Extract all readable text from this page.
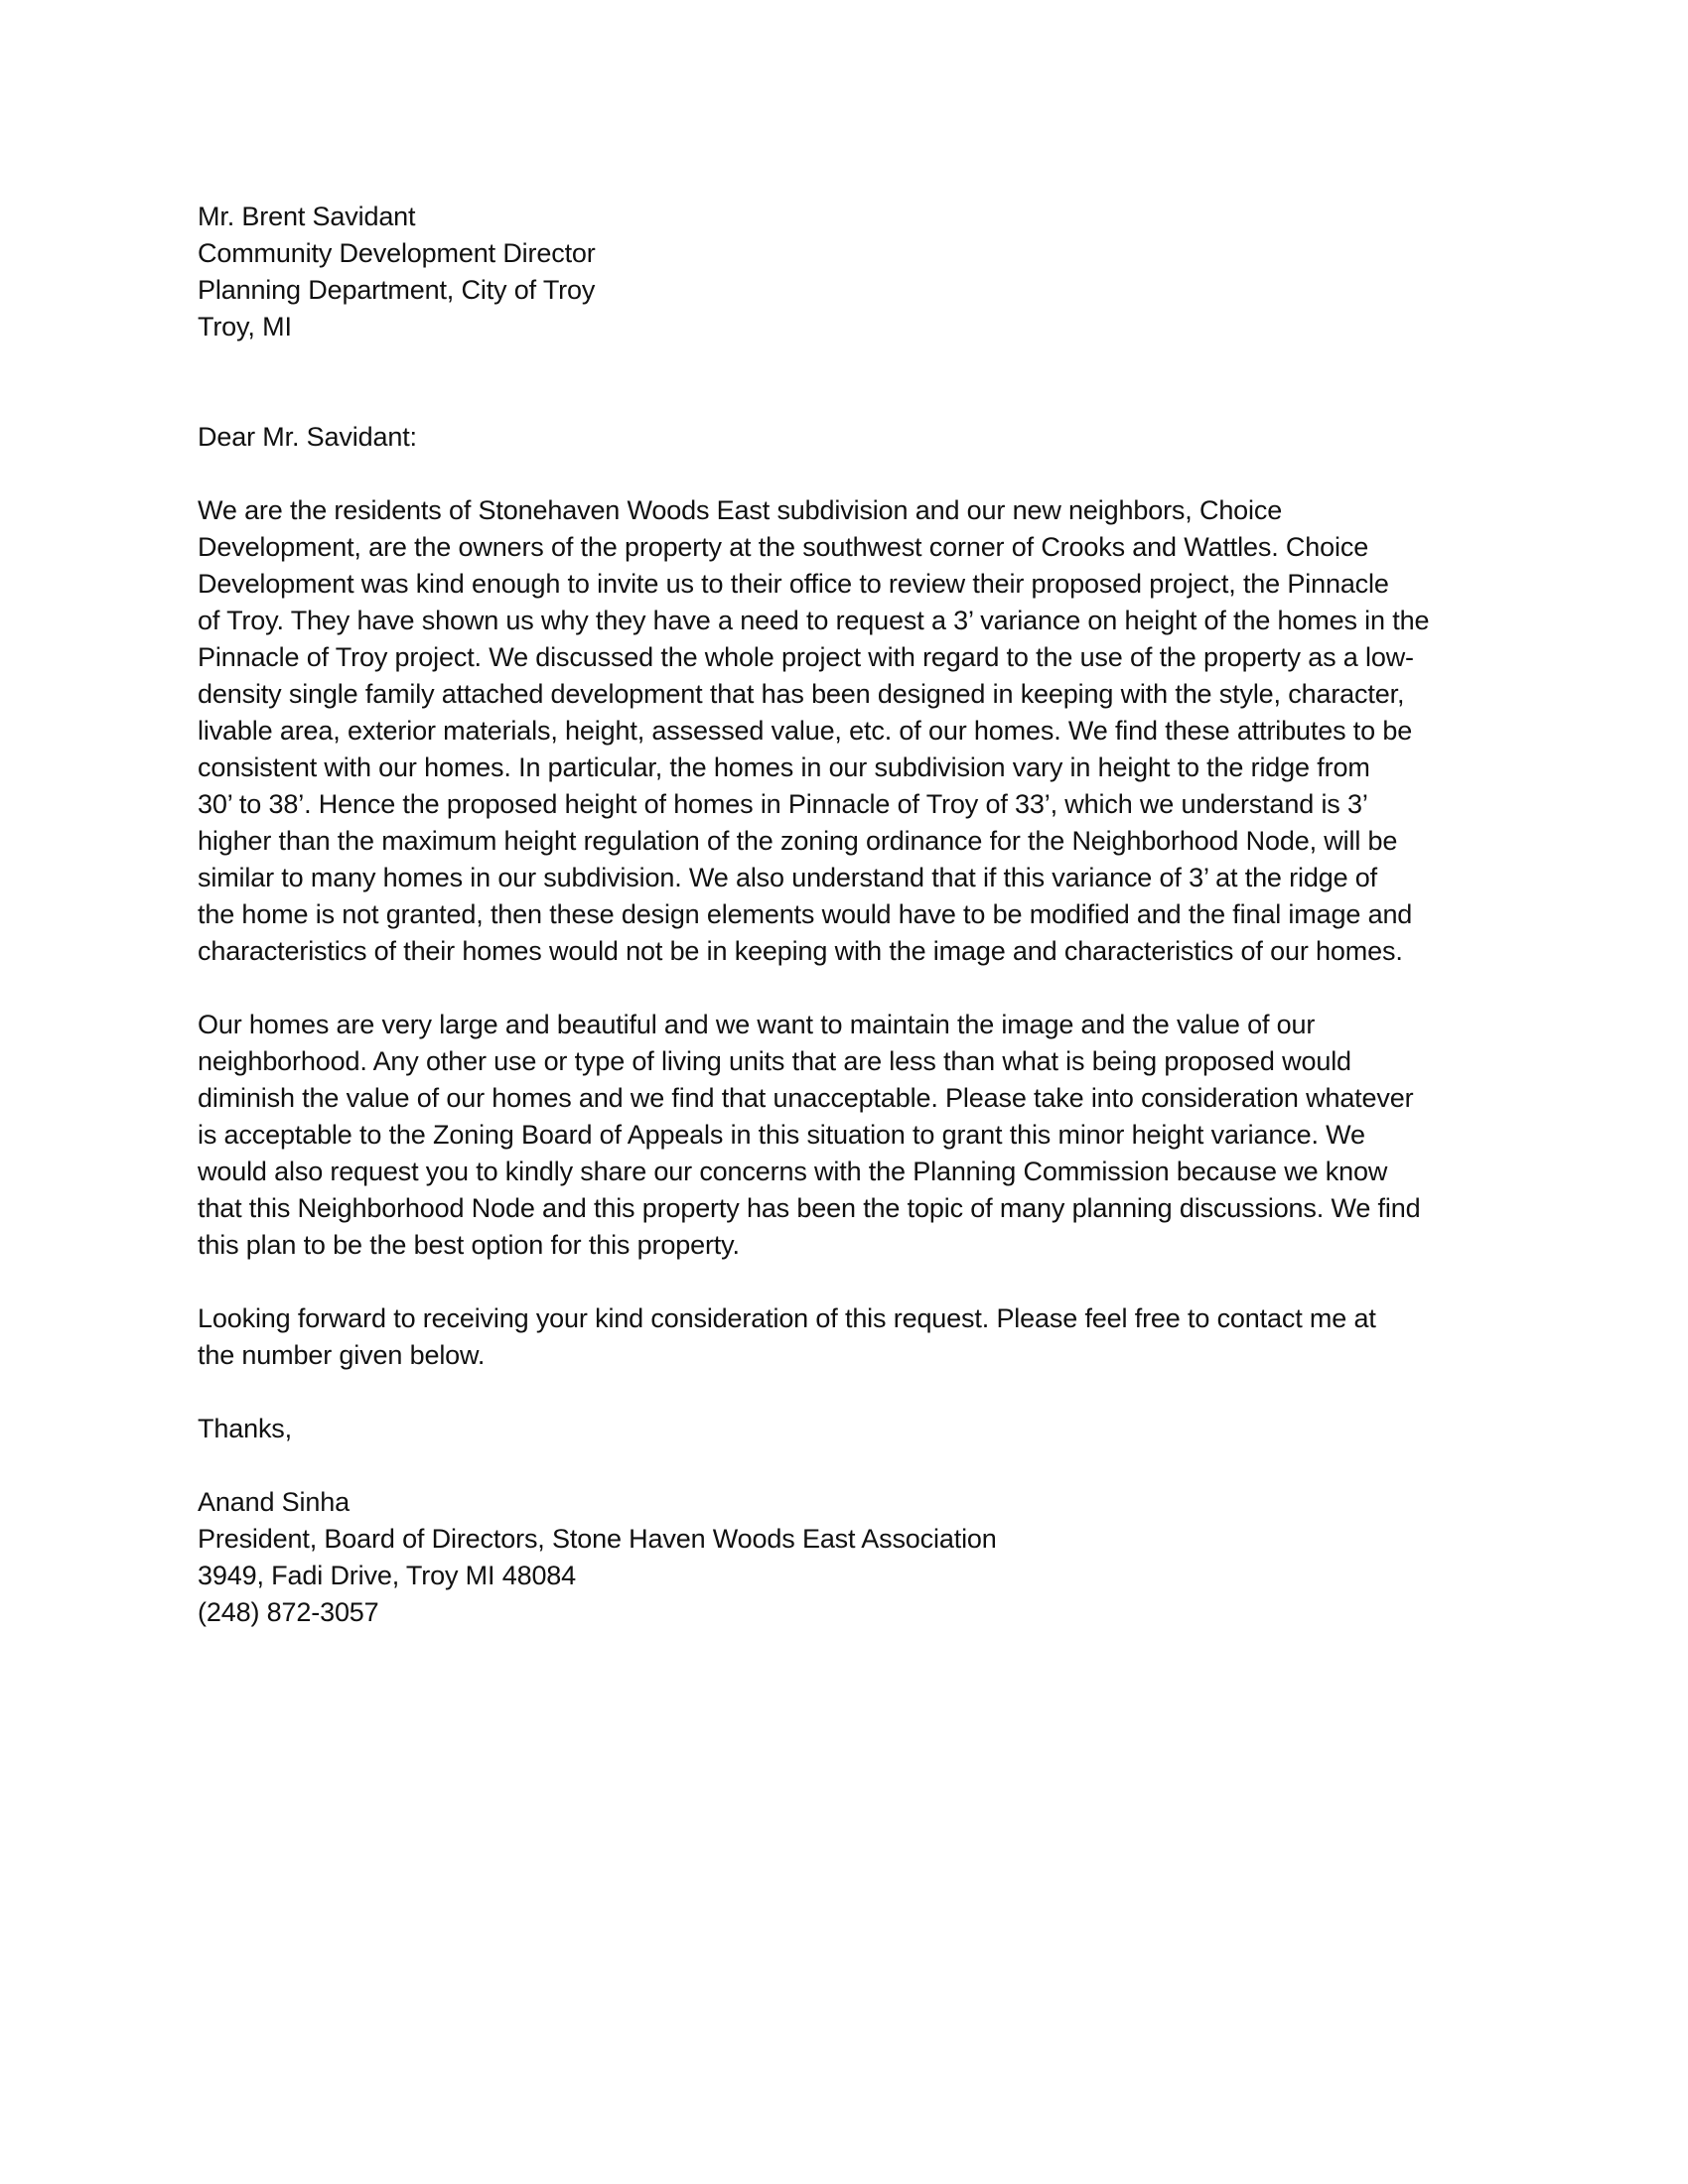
Mr. Brent Savidant
Community Development Director
Planning Department, City of Troy
Troy, MI
Dear Mr. Savidant:
We are the residents of Stonehaven Woods East subdivision and our new neighbors, Choice
Development, are the owners of the property at the southwest corner of Crooks and Wattles. Choice
Development was kind enough to invite us to their office to review their proposed project, the Pinnacle
of Troy. They have shown us why they have a need to request a 3’ variance on height of the homes in the
Pinnacle of Troy project. We discussed the whole project with regard to the use of the property as a low-
density single family attached development that has been designed in keeping with the style, character,
livable area, exterior materials, height, assessed value, etc. of our homes. We find these attributes to be
consistent with our homes. In particular, the homes in our subdivision vary in height to the ridge from
30’ to 38’. Hence the proposed height of homes in Pinnacle of Troy of 33’, which we understand is 3’
higher than the maximum height regulation of the zoning ordinance for the Neighborhood Node, will be
similar to many homes in our subdivision. We also understand that if this variance of 3’ at the ridge of
the home is not granted, then these design elements would have to be modified and the final image and
characteristics of their homes would not be in keeping with the image and characteristics of our homes.
Our homes are very large and beautiful and we want to maintain the image and the value of our
neighborhood. Any other use or type of living units that are less than what is being proposed would
diminish the value of our homes and we find that unacceptable. Please take into consideration whatever
is acceptable to the Zoning Board of Appeals in this situation to grant this minor height variance. We
would also request you to kindly share our concerns with the Planning Commission because we know
that this Neighborhood Node and this property has been the topic of many planning discussions. We find
this plan to be the best option for this property.
Looking forward to receiving your kind consideration of this request. Please feel free to contact me at
the number given below.
Thanks,
Anand Sinha
President, Board of Directors, Stone Haven Woods East Association
3949, Fadi Drive, Troy MI 48084
(248) 872-3057
